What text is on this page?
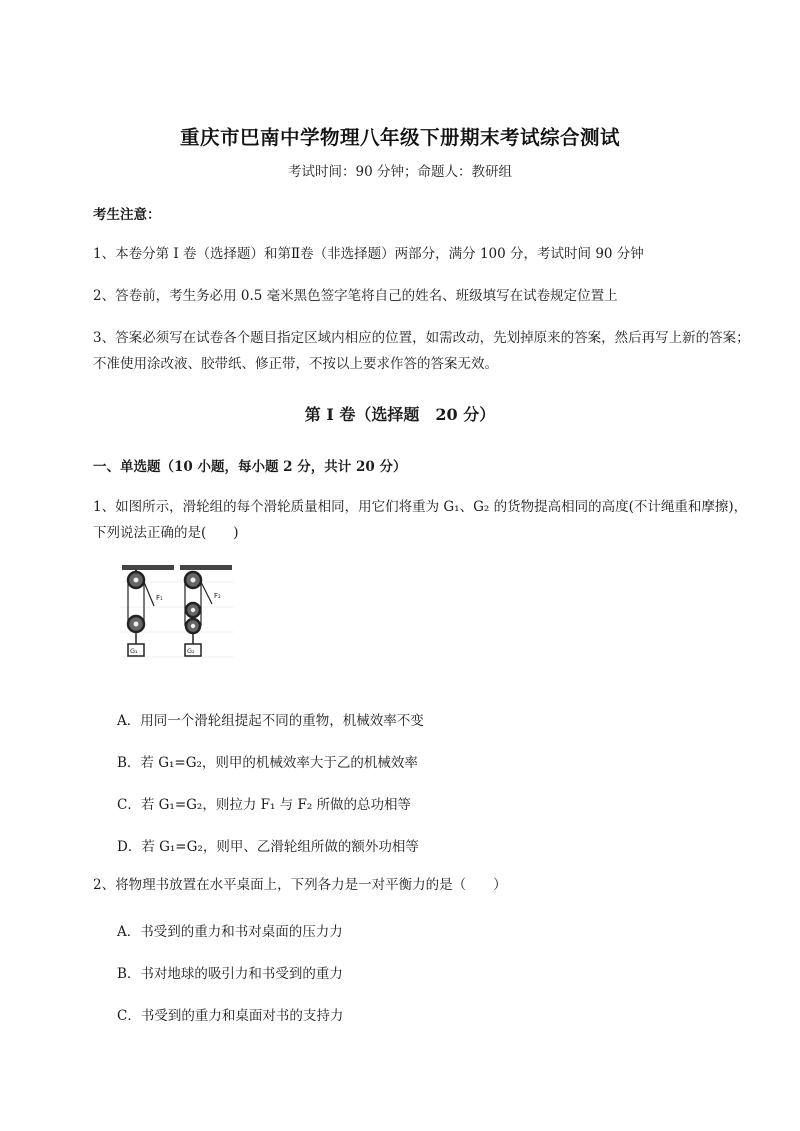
重庆市巴南中学物理八年级下册期末考试综合测试
考试时间：90 分钟；命题人：教研组
考生注意：
1、本卷分第 I 卷（选择题）和第Ⅱ卷（非选择题）两部分，满分 100 分，考试时间 90 分钟
2、答卷前，考生务必用 0.5 毫米黑色签字笔将自己的姓名、班级填写在试卷规定位置上
3、答案必须写在试卷各个题目指定区域内相应的位置，如需改动，先划掉原来的答案，然后再写上新的答案；不准使用涂改液、胶带纸、修正带，不按以上要求作答的答案无效。
第 I 卷（选择题　20 分）
一、单选题（10 小题，每小题 2 分，共计 20 分）
1、如图所示，滑轮组的每个滑轮质量相同，用它们将重为 G₁、G₂ 的货物提高相同的高度(不计绳重和摩擦)，下列说法正确的是(　　)
F₁
G₁
F₂
G₂
A．用同一个滑轮组提起不同的重物，机械效率不变
B．若 G₁=G₂，则甲的机械效率大于乙的机械效率
C．若 G₁=G₂，则拉力 F₁ 与 F₂ 所做的总功相等
D．若 G₁=G₂，则甲、乙滑轮组所做的额外功相等
2、将物理书放置在水平桌面上，下列各力是一对平衡力的是（　　）
A．书受到的重力和书对桌面的压力力
B．书对地球的吸引力和书受到的重力
C．书受到的重力和桌面对书的支持力
